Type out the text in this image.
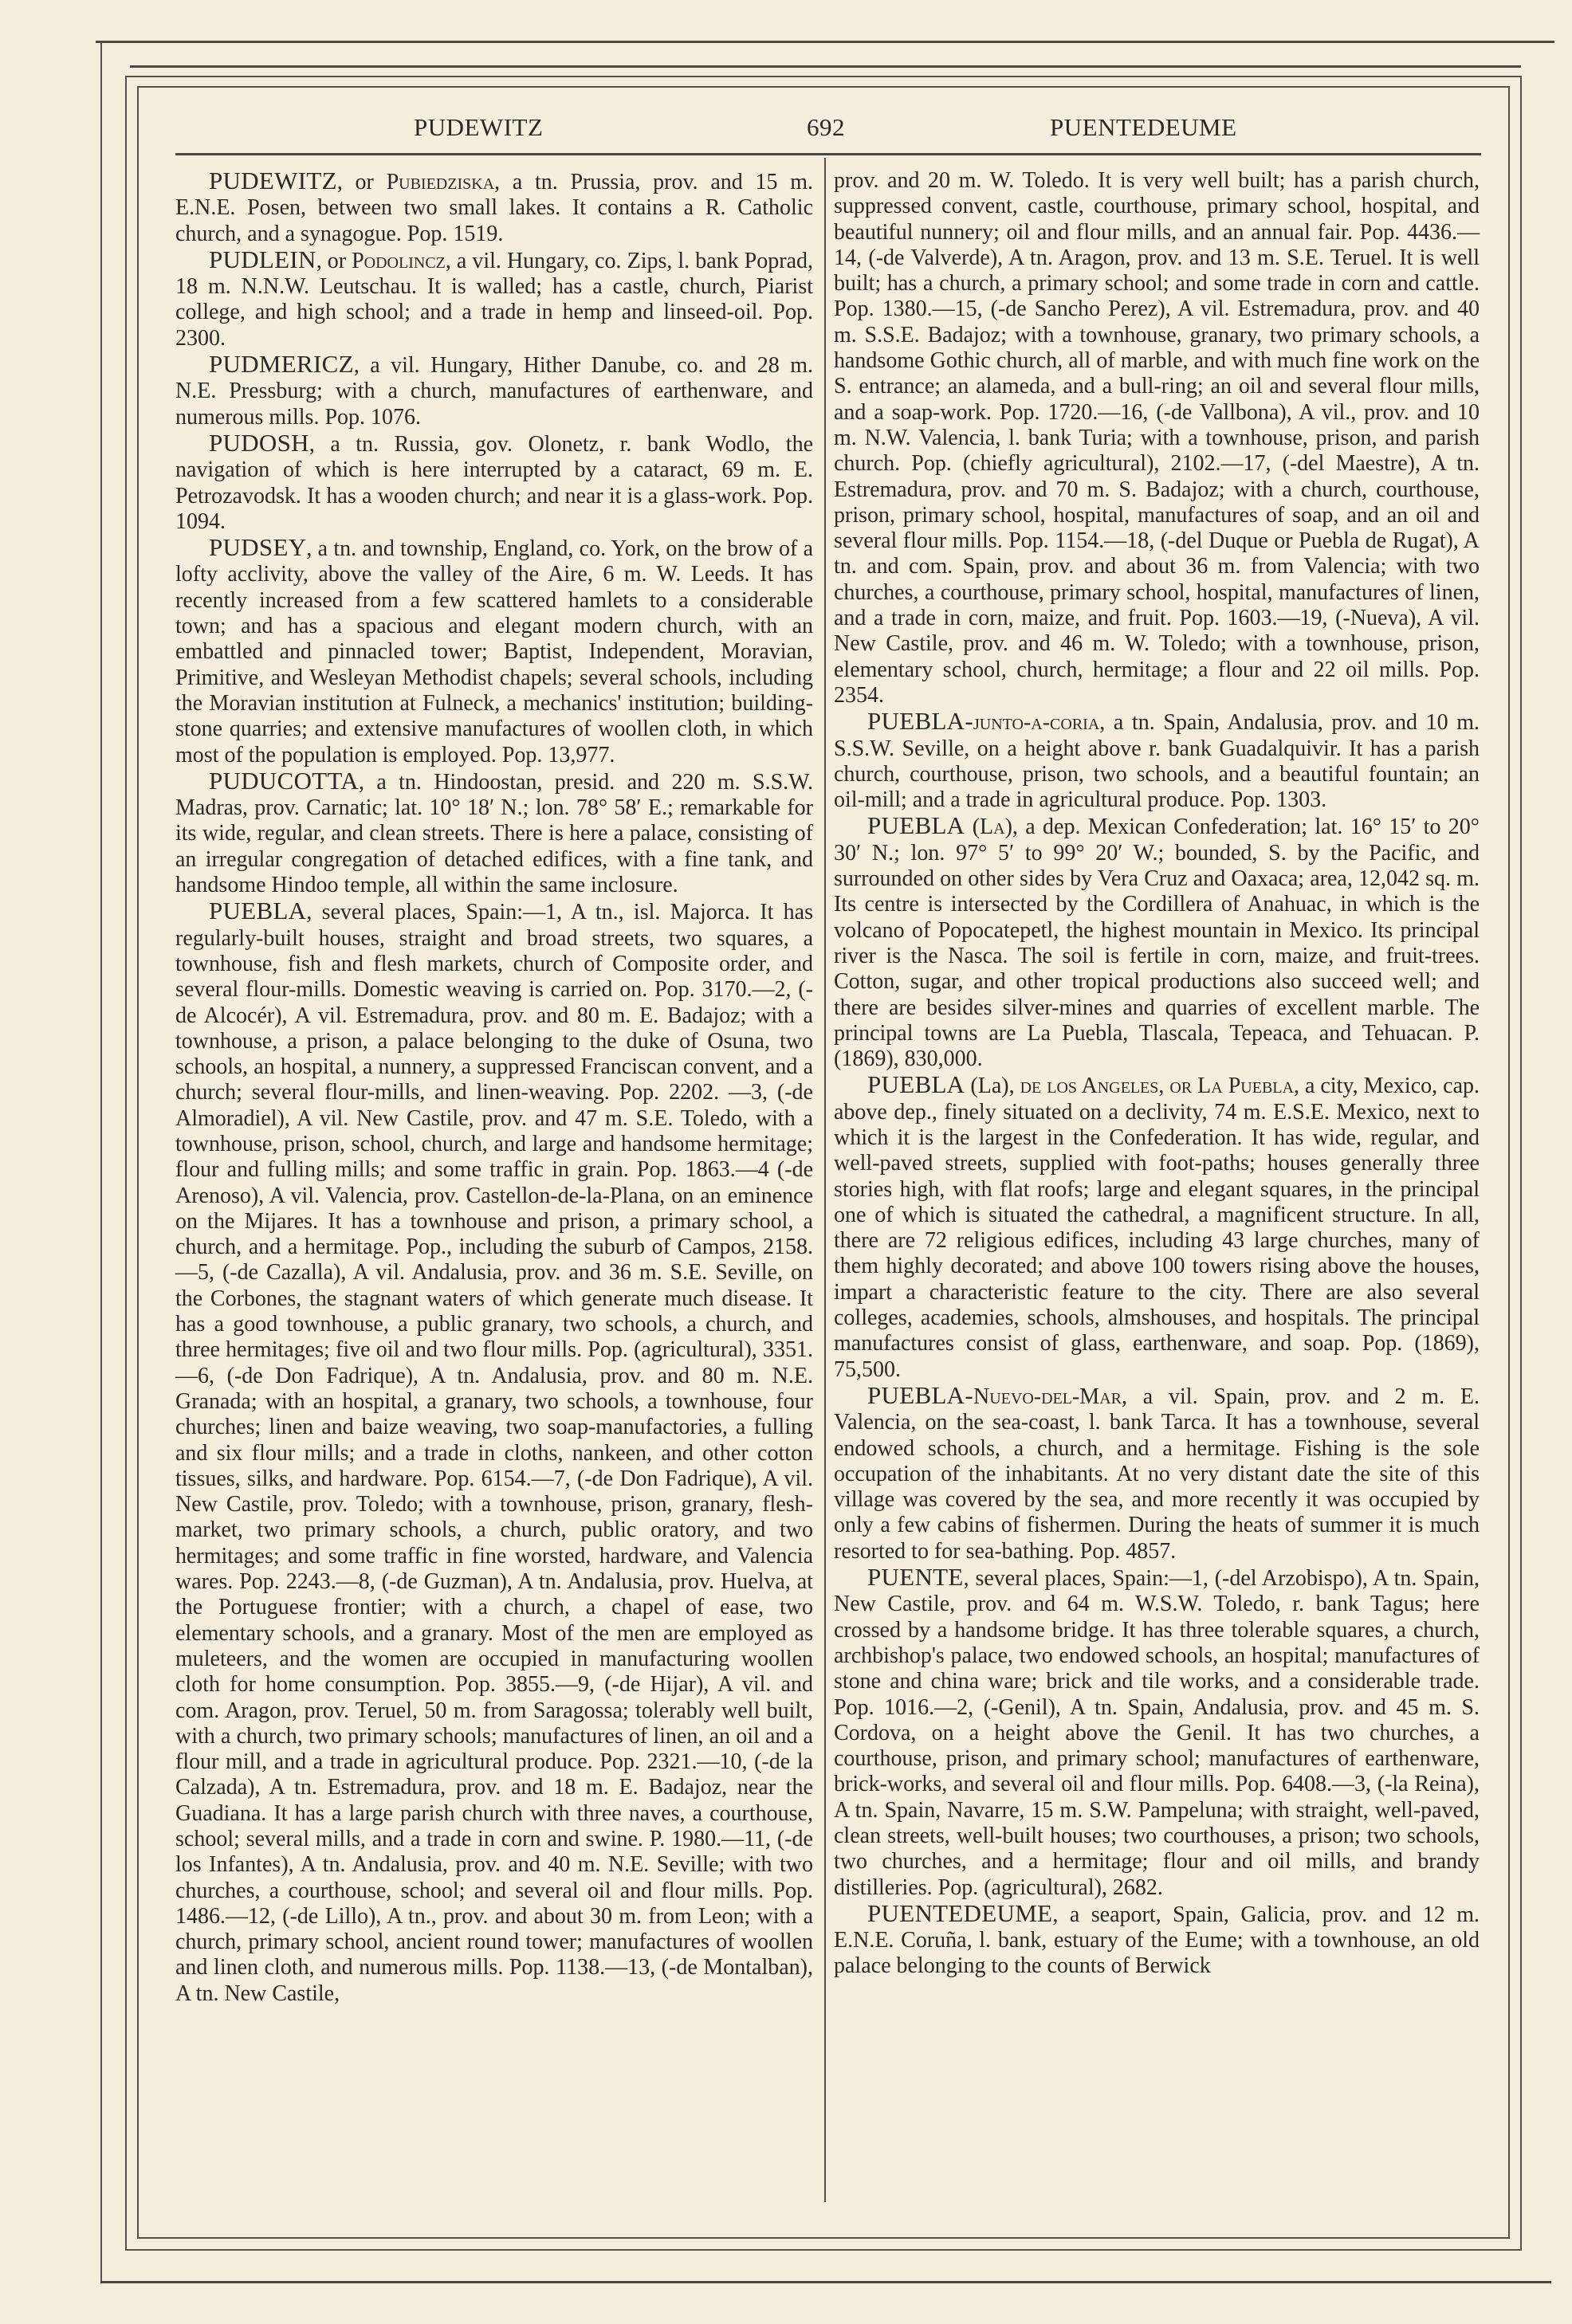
PUDEWITZ	692	PUENTEDEUME

PUDEWITZ, or Pubiedziska, a tn. Prussia, prov. and 15 m. E.N.E. Posen, between two small lakes. It contains a R. Catholic church, and a synagogue. Pop. 1519.

PUDLEIN, or Podolincz, a vil. Hungary, co. Zips, l. bank Poprad, 18 m. N.N.W. Leutschau. It is walled; has a castle, church, Piarist college, and high school; and a trade in hemp and linseed-oil. Pop. 2300.

PUDMERICZ, a vil. Hungary, Hither Danube, co. and 28 m. N.E. Pressburg; with a church, manufactures of earthenware, and numerous mills. Pop. 1076.

PUDOSH, a tn. Russia, gov. Olonetz, r. bank Wodlo, the navigation of which is here interrupted by a cataract, 69 m. E. Petrozavodsk. It has a wooden church; and near it is a glass-work. Pop. 1094.

PUDSEY, a tn. and township, England, co. York, on the brow of a lofty acclivity, above the valley of the Aire, 6 m. W. Leeds. It has recently increased from a few scattered hamlets to a considerable town; and has a spacious and elegant modern church, with an embattled and pinnacled tower; Baptist, Independent, Moravian, Primitive, and Wesleyan Methodist chapels; several schools, including the Moravian institution at Fulneck, a mechanics' institution; building-stone quarries; and extensive manufactures of woollen cloth, in which most of the population is employed. Pop. 13,977.

PUDUCOTTA, a tn. Hindoostan, presid. and 220 m. S.S.W. Madras, prov. Carnatic; lat. 10° 18′ N.; lon. 78° 58′ E.; remarkable for its wide, regular, and clean streets. There is here a palace, consisting of an irregular congregation of detached edifices, with a fine tank, and handsome Hindoo temple, all within the same inclosure.

PUEBLA, several places, Spain:—1, A tn., isl. Majorca. It has regularly-built houses, straight and broad streets, two squares, a townhouse, fish and flesh markets, church of Composite order, and several flour-mills. Domestic weaving is carried on. Pop. 3170.—2, (-de Alcocér), A vil. Estremadura, prov. and 80 m. E. Badajoz; with a townhouse, a prison, a palace belonging to the duke of Osuna, two schools, an hospital, a nunnery, a suppressed Franciscan convent, and a church; several flour-mills, and linen-weaving. Pop. 2202. —3, (-de Almoradiel), A vil. New Castile, prov. and 47 m. S.E. Toledo, with a townhouse, prison, school, church, and large and handsome hermitage; flour and fulling mills; and some traffic in grain. Pop. 1863.—4 (-de Arenoso), A vil. Valencia, prov. Castellon-de-la-Plana, on an eminence on the Mijares. It has a townhouse and prison, a primary school, a church, and a hermitage. Pop., including the suburb of Campos, 2158.—5, (-de Cazalla), A vil. Andalusia, prov. and 36 m. S.E. Seville, on the Corbones, the stagnant waters of which generate much disease. It has a good townhouse, a public granary, two schools, a church, and three hermitages; five oil and two flour mills. Pop. (agricultural), 3351.—6, (-de Don Fadrique), A tn. Andalusia, prov. and 80 m. N.E. Granada; with an hospital, a granary, two schools, a townhouse, four churches; linen and baize weaving, two soap-manufactories, a fulling and six flour mills; and a trade in cloths, nankeen, and other cotton tissues, silks, and hardware. Pop. 6154.—7, (-de Don Fadrique), A vil. New Castile, prov. Toledo; with a townhouse, prison, granary, flesh-market, two primary schools, a church, public oratory, and two hermitages; and some traffic in fine worsted, hardware, and Valencia wares. Pop. 2243.—8, (-de Guzman), A tn. Andalusia, prov. Huelva, at the Portuguese frontier; with a church, a chapel of ease, two elementary schools, and a granary. Most of the men are employed as muleteers, and the women are occupied in manufacturing woollen cloth for home consumption. Pop. 3855.—9, (-de Hijar), A vil. and com. Aragon, prov. Teruel, 50 m. from Saragossa; tolerably well built, with a church, two primary schools; manufactures of linen, an oil and a flour mill, and a trade in agricultural produce. Pop. 2321.—10, (-de la Calzada), A tn. Estremadura, prov. and 18 m. E. Badajoz, near the Guadiana. It has a large parish church with three naves, a courthouse, school; several mills, and a trade in corn and swine. P. 1980.—11, (-de los Infantes), A tn. Andalusia, prov. and 40 m. N.E. Seville; with two churches, a courthouse, school; and several oil and flour mills. Pop. 1486.—12, (-de Lillo), A tn., prov. and about 30 m. from Leon; with a church, primary school, ancient round tower; manufactures of woollen and linen cloth, and numerous mills. Pop. 1138.—13, (-de Montalban), A tn. New Castile,

prov. and 20 m. W. Toledo. It is very well built; has a parish church, suppressed convent, castle, courthouse, primary school, hospital, and beautiful nunnery; oil and flour mills, and an annual fair. Pop. 4436.—14, (-de Valverde), A tn. Aragon, prov. and 13 m. S.E. Teruel. It is well built; has a church, a primary school; and some trade in corn and cattle. Pop. 1380.—15, (-de Sancho Perez), A vil. Estremadura, prov. and 40 m. S.S.E. Badajoz; with a townhouse, granary, two primary schools, a handsome Gothic church, all of marble, and with much fine work on the S. entrance; an alameda, and a bull-ring; an oil and several flour mills, and a soap-work. Pop. 1720.—16, (-de Vallbona), A vil., prov. and 10 m. N.W. Valencia, l. bank Turia; with a townhouse, prison, and parish church. Pop. (chiefly agricultural), 2102.—17, (-del Maestre), A tn. Estremadura, prov. and 70 m. S. Badajoz; with a church, courthouse, prison, primary school, hospital, manufactures of soap, and an oil and several flour mills. Pop. 1154.—18, (-del Duque or Puebla de Rugat), A tn. and com. Spain, prov. and about 36 m. from Valencia; with two churches, a courthouse, primary school, hospital, manufactures of linen, and a trade in corn, maize, and fruit. Pop. 1603.—19, (-Nueva), A vil. New Castile, prov. and 46 m. W. Toledo; with a townhouse, prison, elementary school, church, hermitage; a flour and 22 oil mills. Pop. 2354.

PUEBLA-junto-a-coria, a tn. Spain, Andalusia, prov. and 10 m. S.S.W. Seville, on a height above r. bank Guadalquivir. It has a parish church, courthouse, prison, two schools, and a beautiful fountain; an oil-mill; and a trade in agricultural produce. Pop. 1303.

PUEBLA (La), a dep. Mexican Confederation; lat. 16° 15′ to 20° 30′ N.; lon. 97° 5′ to 99° 20′ W.; bounded, S. by the Pacific, and surrounded on other sides by Vera Cruz and Oaxaca; area, 12,042 sq. m. Its centre is intersected by the Cordillera of Anahuac, in which is the volcano of Popocatepetl, the highest mountain in Mexico. Its principal river is the Nasca. The soil is fertile in corn, maize, and fruit-trees. Cotton, sugar, and other tropical productions also succeed well; and there are besides silver-mines and quarries of excellent marble. The principal towns are La Puebla, Tlascala, Tepeaca, and Tehuacan. P. (1869), 830,000.

PUEBLA (La), de los Angeles, or La Puebla, a city, Mexico, cap. above dep., finely situated on a declivity, 74 m. E.S.E. Mexico, next to which it is the largest in the Confederation. It has wide, regular, and well-paved streets, supplied with foot-paths; houses generally three stories high, with flat roofs; large and elegant squares, in the principal one of which is situated the cathedral, a magnificent structure. In all, there are 72 religious edifices, including 43 large churches, many of them highly decorated; and above 100 towers rising above the houses, impart a characteristic feature to the city. There are also several colleges, academies, schools, almshouses, and hospitals. The principal manufactures consist of glass, earthenware, and soap. Pop. (1869), 75,500.

PUEBLA-Nuevo-del-Mar, a vil. Spain, prov. and 2 m. E. Valencia, on the sea-coast, l. bank Tarca. It has a townhouse, several endowed schools, a church, and a hermitage. Fishing is the sole occupation of the inhabitants. At no very distant date the site of this village was covered by the sea, and more recently it was occupied by only a few cabins of fishermen. During the heats of summer it is much resorted to for sea-bathing. Pop. 4857.

PUENTE, several places, Spain:—1, (-del Arzobispo), A tn. Spain, New Castile, prov. and 64 m. W.S.W. Toledo, r. bank Tagus; here crossed by a handsome bridge. It has three tolerable squares, a church, archbishop's palace, two endowed schools, an hospital; manufactures of stone and china ware; brick and tile works, and a considerable trade. Pop. 1016.—2, (-Genil), A tn. Spain, Andalusia, prov. and 45 m. S. Cordova, on a height above the Genil. It has two churches, a courthouse, prison, and primary school; manufactures of earthenware, brick-works, and several oil and flour mills. Pop. 6408.—3, (-la Reina), A tn. Spain, Navarre, 15 m. S.W. Pampeluna; with straight, well-paved, clean streets, well-built houses; two courthouses, a prison; two schools, two churches, and a hermitage; flour and oil mills, and brandy distilleries. Pop. (agricultural), 2682.

PUENTEDEUME, a seaport, Spain, Galicia, prov. and 12 m. E.N.E. Coruña, l. bank, estuary of the Eume; with a townhouse, an old palace belonging to the counts of Berwick
